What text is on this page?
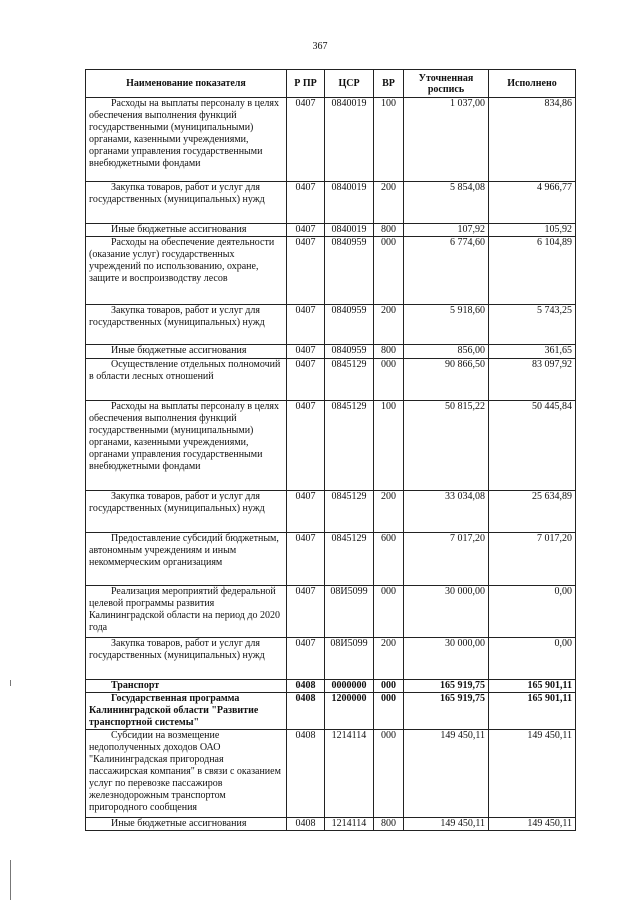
367
Наименование показателя	Р ПР	ЦСР	ВР	Уточненная роспись	Исполнено

Расходы на выплаты персоналу в целях обеспечения выполнения функций государственными (муниципальными) органами, казенными учреждениями, органами управления государственными внебюджетными фондами	0407	0840019	100	1 037,00	834,86

Закупка товаров, работ и услуг для государственных (муниципальных) нужд	0407	0840019	200	5 854,08	4 966,77

Иные бюджетные ассигнования	0407	0840019	800	107,92	105,92

Расходы на обеспечение деятельности (оказание услуг) государственных учреждений по использованию, охране, защите и воспроизводству лесов	0407	0840959	000	6 774,60	6 104,89

Закупка товаров, работ и услуг для государственных (муниципальных) нужд	0407	0840959	200	5 918,60	5 743,25

Иные бюджетные ассигнования	0407	0840959	800	856,00	361,65

Осуществление отдельных полномочий в области лесных отношений	0407	0845129	000	90 866,50	83 097,92

Расходы на выплаты персоналу в целях обеспечения выполнения функций государственными (муниципальными) органами, казенными учреждениями, органами управления государственными внебюджетными фондами	0407	0845129	100	50 815,22	50 445,84

Закупка товаров, работ и услуг для государственных (муниципальных) нужд	0407	0845129	200	33 034,08	25 634,89

Предоставление субсидий бюджетным, автономным учреждениям и иным некоммерческим организациям	0407	0845129	600	7 017,20	7 017,20

Реализация мероприятий федеральной целевой программы развития Калининградской области на период до 2020 года	0407	08И5099	000	30 000,00	0,00

Закупка товаров, работ и услуг для государственных (муниципальных) нужд	0407	08И5099	200	30 000,00	0,00

Транспорт	0408	0000000	000	165 919,75	165 901,11

Государственная программа Калининградской области "Развитие транспортной системы"	0408	1200000	000	165 919,75	165 901,11

Субсидии на возмещение недополученных доходов ОАО "Калининградская пригородная пассажирская компания" в связи с оказанием услуг по перевозке пассажиров железнодорожным транспортом пригородного сообщения	0408	1214114	000	149 450,11	149 450,11

Иные бюджетные ассигнования	0408	1214114	800	149 450,11	149 450,11
